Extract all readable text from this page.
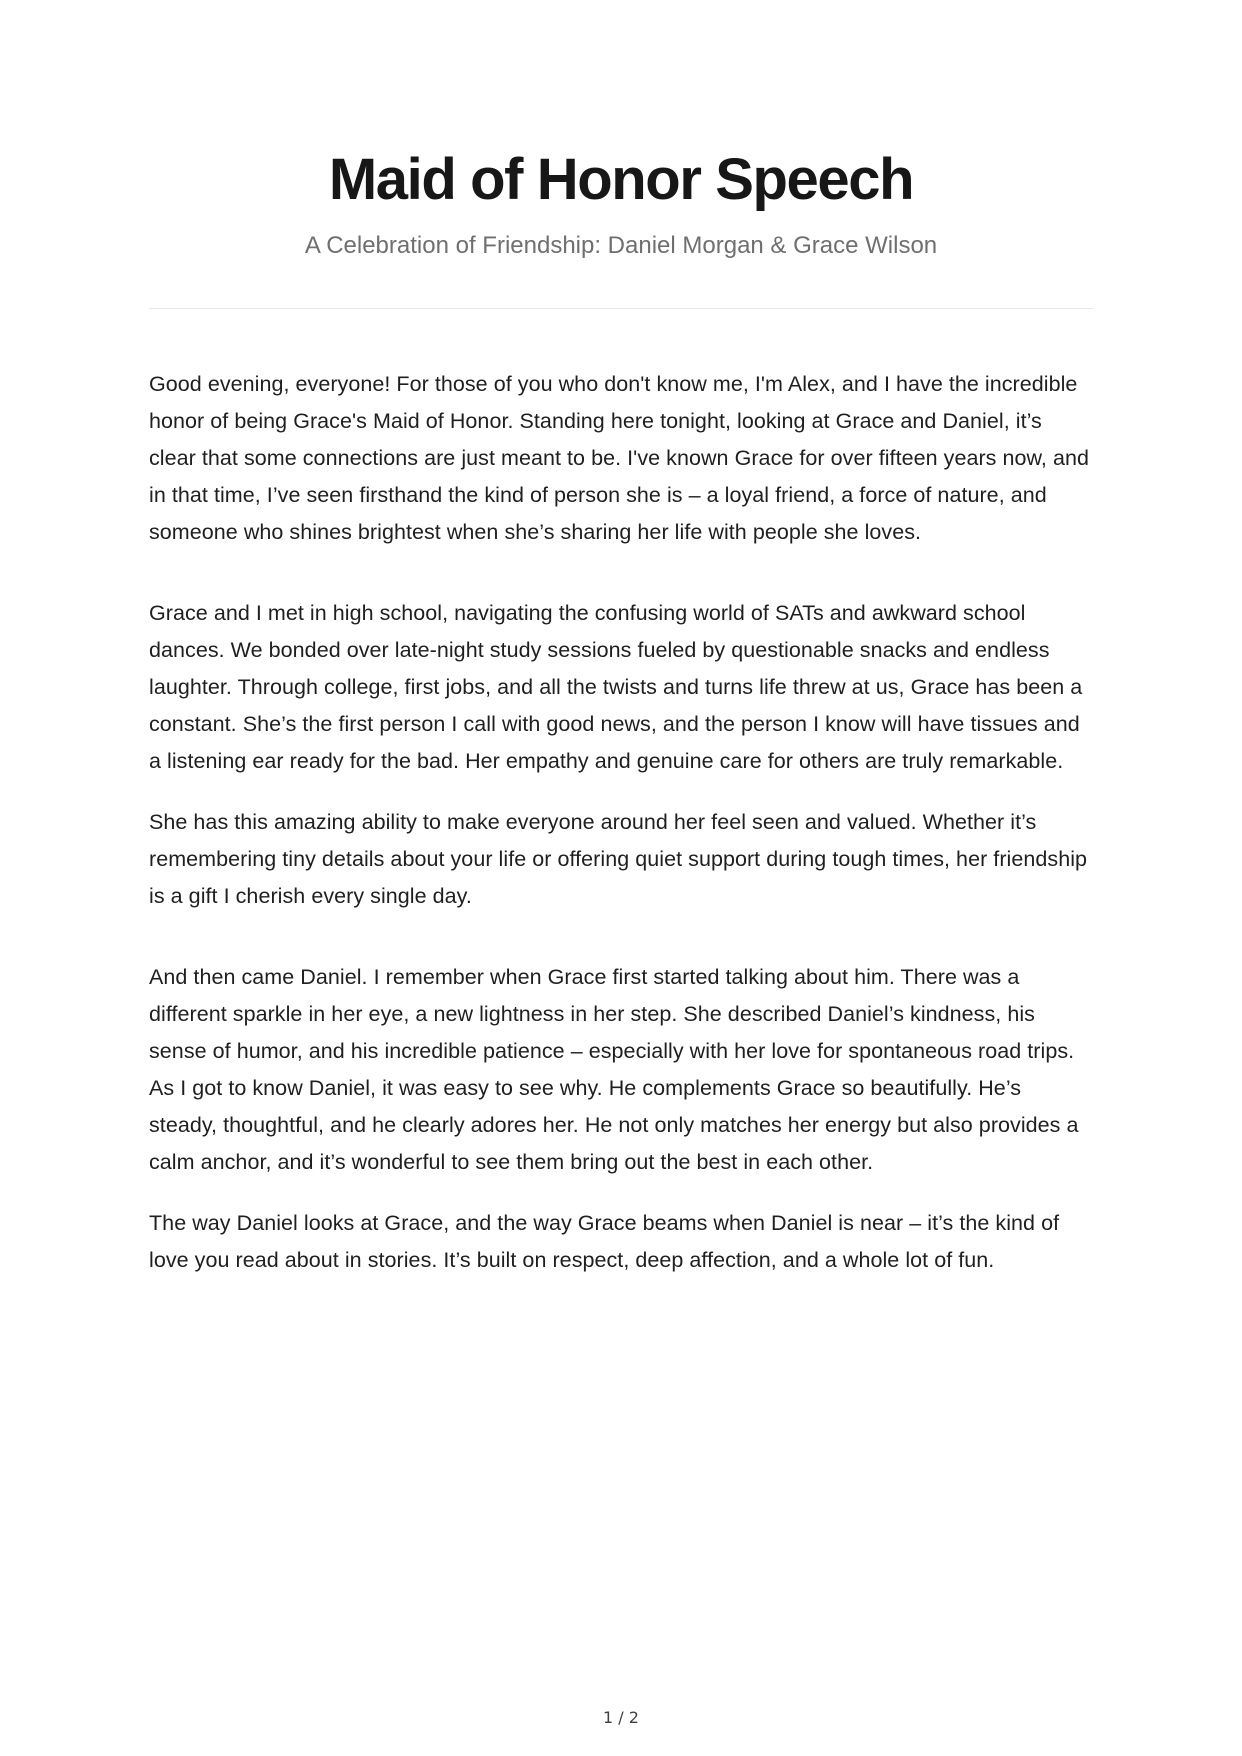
Maid of Honor Speech
A Celebration of Friendship: Daniel Morgan & Grace Wilson

Good evening, everyone! For those of you who don't know me, I'm Alex, and I have the incredible honor of being Grace's Maid of Honor. Standing here tonight, looking at Grace and Daniel, it’s clear that some connections are just meant to be. I've known Grace for over fifteen years now, and in that time, I’ve seen firsthand the kind of person she is – a loyal friend, a force of nature, and someone who shines brightest when she’s sharing her life with people she loves.

Grace and I met in high school, navigating the confusing world of SATs and awkward school dances. We bonded over late-night study sessions fueled by questionable snacks and endless laughter. Through college, first jobs, and all the twists and turns life threw at us, Grace has been a constant. She’s the first person I call with good news, and the person I know will have tissues and a listening ear ready for the bad. Her empathy and genuine care for others are truly remarkable.

She has this amazing ability to make everyone around her feel seen and valued. Whether it’s remembering tiny details about your life or offering quiet support during tough times, her friendship is a gift I cherish every single day.

And then came Daniel. I remember when Grace first started talking about him. There was a different sparkle in her eye, a new lightness in her step. She described Daniel’s kindness, his sense of humor, and his incredible patience – especially with her love for spontaneous road trips. As I got to know Daniel, it was easy to see why. He complements Grace so beautifully. He’s steady, thoughtful, and he clearly adores her. He not only matches her energy but also provides a calm anchor, and it’s wonderful to see them bring out the best in each other.

The way Daniel looks at Grace, and the way Grace beams when Daniel is near – it’s the kind of love you read about in stories. It’s built on respect, deep affection, and a whole lot of fun.

1 / 2
